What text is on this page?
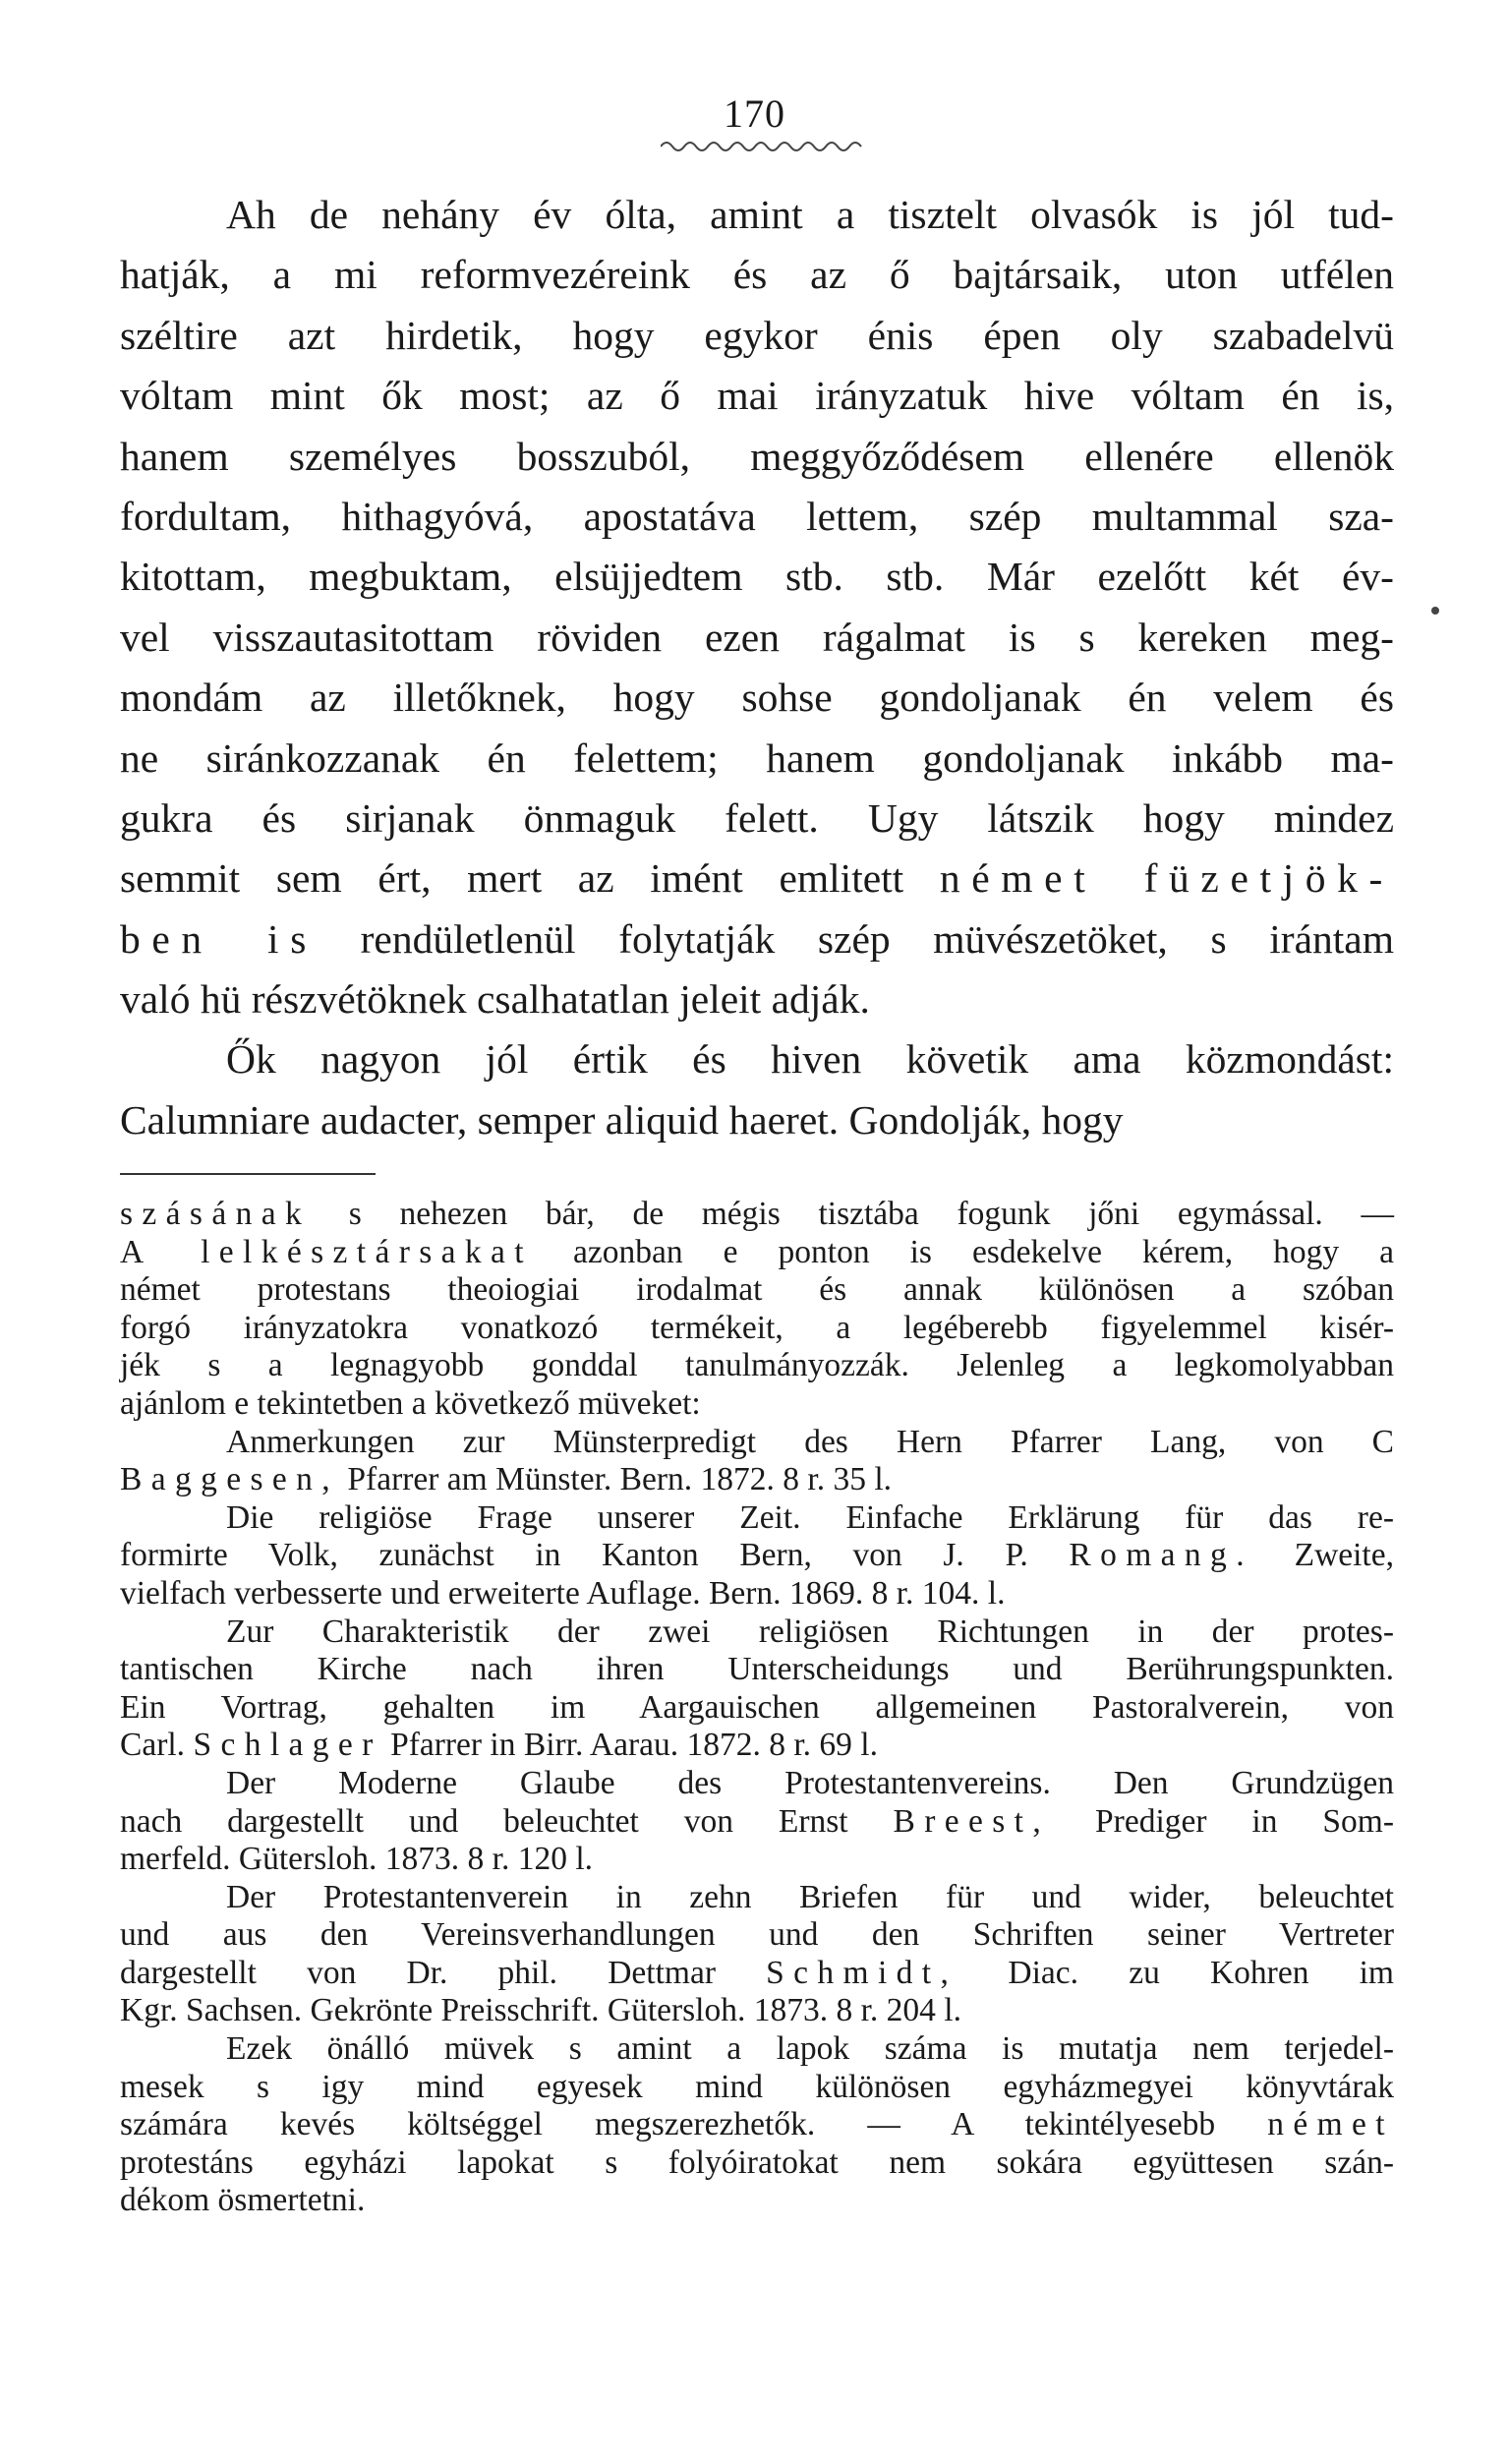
170
Ah de nehány év ólta, amint a tisztelt olvasók is jól tud-
hatják, a mi reformvezéreink és az ő bajtársaik, uton utfélen
széltire azt hirdetik, hogy egykor énis épen oly szabadelvü
vóltam mint ők most; az ő mai irányzatuk hive vóltam én is,
hanem személyes bosszuból, meggyőződésem ellenére ellenök
fordultam, hithagyóvá, apostatáva lettem, szép multammal sza-
kitottam, megbuktam, elsüjjedtem stb. stb. Már ezelőtt két év-
vel visszautasitottam röviden ezen rágalmat is s kereken meg-
mondám az illetőknek, hogy sohse gondoljanak én velem és
ne siránkozzanak én felettem; hanem gondoljanak inkább ma-
gukra és sirjanak önmaguk felett. Ugy látszik hogy mindez
semmit sem ért, mert az imént emlitett német füzetjök-
ben is rendületlenül folytatják szép müvészetöket, s irántam
való hü részvétöknek csalhatatlan jeleit adják.
Ők nagyon jól értik és hiven követik ama közmondást:
Calumniare audacter, semper aliquid haeret. Gondolják, hogy
szásának s nehezen bár, de mégis tisztába fogunk jőni egymással. —
A lelkésztársakat azonban e ponton is esdekelve kérem, hogy a
német protestans theoiogiai irodalmat és annak különösen a szóban
forgó irányzatokra vonatkozó termékeit, a legéberebb figyelemmel kisér-
jék s a legnagyobb gonddal tanulmányozzák. Jelenleg a legkomolyabban
ajánlom e tekintetben a következő müveket:
Anmerkungen zur Münsterpredigt des Hern Pfarrer Lang, von C
Baggesen, Pfarrer am Münster. Bern. 1872. 8 r. 35 l.
Die religiöse Frage unserer Zeit. Einfache Erklärung für das re-
formirte Volk, zunächst in Kanton Bern, von J. P. Romang. Zweite,
vielfach verbesserte und erweiterte Auflage. Bern. 1869. 8 r. 104. l.
Zur Charakteristik der zwei religiösen Richtungen in der protes-
tantischen Kirche nach ihren Unterscheidungs und Berührungspunkten.
Ein Vortrag, gehalten im Aargauischen allgemeinen Pastoralverein, von
Carl. Schlager Pfarrer in Birr. Aarau. 1872. 8 r. 69 l.
Der Moderne Glaube des Protestantenvereins. Den Grundzügen
nach dargestellt und beleuchtet von Ernst Breest, Prediger in Som-
merfeld. Gütersloh. 1873. 8 r. 120 l.
Der Protestantenverein in zehn Briefen für und wider, beleuchtet
und aus den Vereinsverhandlungen und den Schriften seiner Vertreter
dargestellt von Dr. phil. Dettmar Schmidt, Diac. zu Kohren im
Kgr. Sachsen. Gekrönte Preisschrift. Gütersloh. 1873. 8 r. 204 l.
Ezek önálló müvek s amint a lapok száma is mutatja nem terjedel-
mesek s igy mind egyesek mind különösen egyházmegyei könyvtárak
számára kevés költséggel megszerezhetők. — A tekintélyesebb német
protestáns egyházi lapokat s folyóiratokat nem sokára együttesen szán-
dékom ösmertetni.
